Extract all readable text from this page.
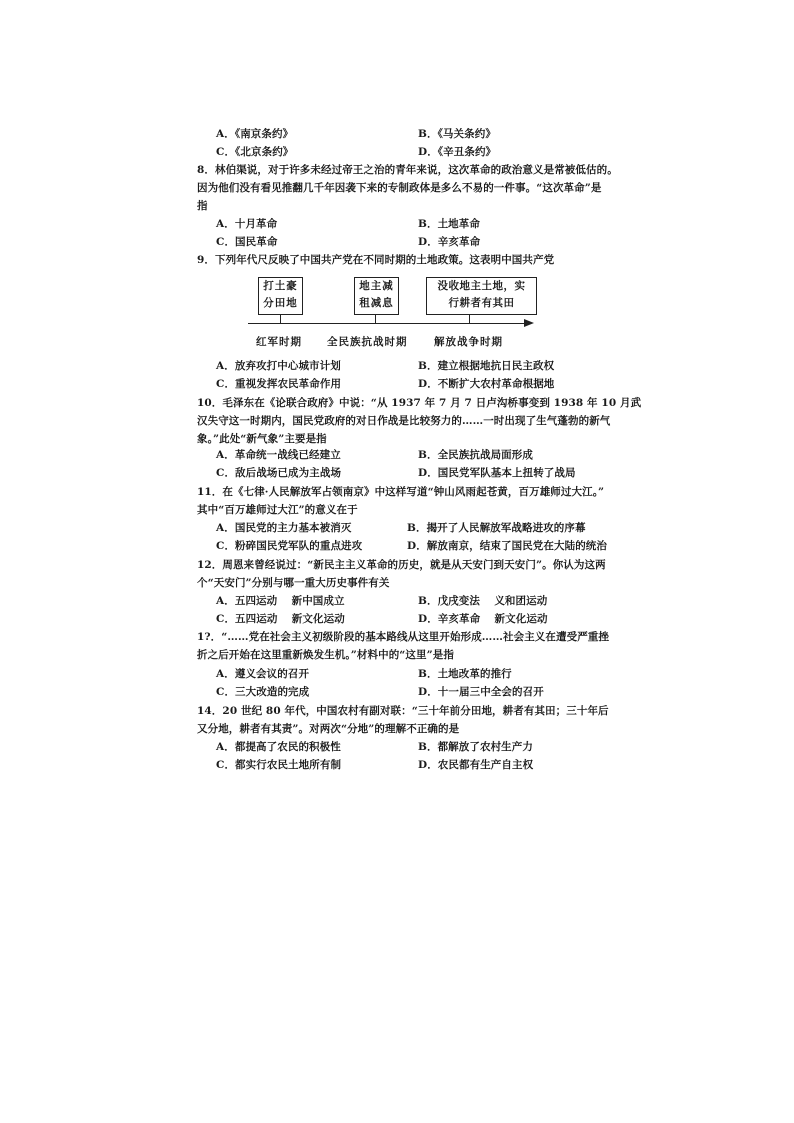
A．《南京条约》	B．《马关条约》
C．《北京条约》	D．《辛丑条约》
8．林伯渠说，对于许多未经过帝王之治的青年来说，这次革命的政治意义是常被低估的。
因为他们没有看见推翻几千年因袭下来的专制政体是多么不易的一件事。“这次革命”是
指
A．十月革命	B．土地革命
C．国民革命	D．辛亥革命
9．下列年代尺反映了中国共产党在不同时期的土地政策。这表明中国共产党
打土豪
分田地
地主减
租减息
没收地主土地，实
行耕者有其田
红军时期 全民族抗战时期	解放战争时期
A．放弃攻打中心城市计划	B．建立根据地抗日民主政权
C．重视发挥农民革命作用	D．不断扩大农村革命根据地
10．毛泽东在《论联合政府》中说：“从 1937 年 7 月 7 日卢沟桥事变到 1938 年 10 月武
汉失守这一时期内，国民党政府的对日作战是比较努力的……一时出现了生气蓬勃的新气
象。”此处“新气象”主要是指
A．革命统一战线已经建立	B．全民族抗战局面形成
C．敌后战场已成为主战场	D．国民党军队基本上扭转了战局
11．在《七律·人民解放军占领南京》中这样写道“钟山风雨起苍黄，百万雄师过大江。”
其中“百万雄师过大江”的意义在于
A．国民党的主力基本被消灭	B．揭开了人民解放军战略进攻的序幕
C．粉碎国民党军队的重点进攻	D．解放南京，结束了国民党在大陆的统治
12．周恩来曾经说过：“新民主主义革命的历史，就是从天安门到天安门”。你认为这两
个“天安门”分别与哪一重大历史事件有关
A．五四运动　 新中国成立	B．戊戌变法　 义和团运动
C．五四运动　 新文化运动	D．辛亥革命　 新文化运动
1?．“……党在社会主义初级阶段的基本路线从这里开始形成……社会主义在遭受严重挫
折之后开始在这里重新焕发生机。”材料中的“这里”是指
A．遵义会议的召开	B．土地改革的推行
C．三大改造的完成	D．十一届三中全会的召开
14．20 世纪 80 年代，中国农村有副对联：“三十年前分田地，耕者有其田；三十年后
又分地，耕者有其责”。对两次“分地”的理解不正确的是
A．都提高了农民的积极性	B．都解放了农村生产力
C．都实行农民土地所有制	D．农民都有生产自主权
